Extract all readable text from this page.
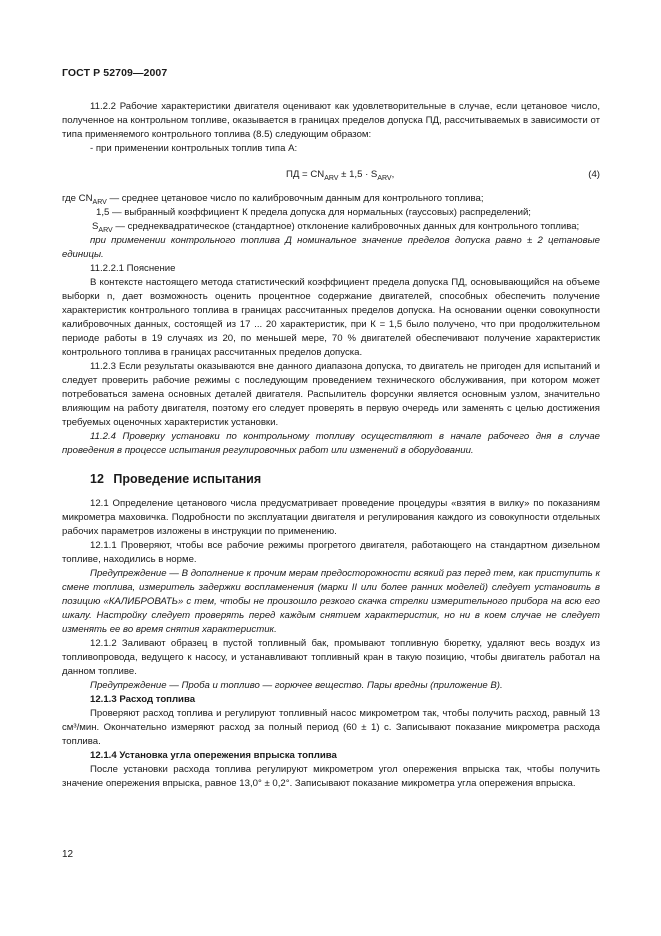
ГОСТ Р 52709—2007

11.2.2 Рабочие характеристики двигателя оценивают как удовлетворительные в случае, если цетановое число, полученное на контрольном топливе, оказывается в границах пределов допуска ПД, рассчитываемых в зависимости от типа применяемого контрольного топлива (8.5) следующим образом:

- при применении контрольных топлив типа А:

ПД = $CN_{ARV} \pm 1,5 \cdot S_{ARV}$,	(4)

где $CN_{ARV}$ — среднее цетановое число по калибровочным данным для контрольного топлива;

1,5 — выбранный коэффициент К предела допуска для нормальных (гауссовых) распределений;

$S_{ARV}$ — среднеквадратическое (стандартное) отклонение калибровочных данных для контрольного топлива;

при применении контрольного топлива Д номинальное значение пределов допуска равно ± 2 цетановые единицы.

11.2.2.1 Пояснение

В контексте настоящего метода статистический коэффициент предела допуска ПД, основывающийся на объеме выборки n, дает возможность оценить процентное содержание двигателей, способных обеспечить получение характеристик контрольного топлива в границах рассчитанных пределов допуска. На основании оценки совокупности калибровочных данных, состоящей из 17 ... 20 характеристик, при К = 1,5 было получено, что при продолжительном периоде работы в 19 случаях из 20, по меньшей мере, 70 % двигателей обеспечивают получение характеристик контрольного топлива в границах рассчитанных пределов допуска.

11.2.3 Если результаты оказываются вне данного диапазона допуска, то двигатель не пригоден для испытаний и следует проверить рабочие режимы с последующим проведением технического обслуживания, при котором может потребоваться замена основных деталей двигателя. Распылитель форсунки является основным узлом, значительно влияющим на работу двигателя, поэтому его следует проверять в первую очередь или заменять с целью достижения требуемых оценочных характеристик установки.

11.2.4 Проверку установки по контрольному топливу осуществляют в начале рабочего дня в случае проведения в процессе испытания регулировочных работ или изменений в оборудовании.

12 Проведение испытания

12.1 Определение цетанового числа предусматривает проведение процедуры «взятия в вилку» по показаниям микрометра маховичка. Подробности по эксплуатации двигателя и регулирования каждого из совокупности отдельных рабочих параметров изложены в инструкции по применению.

12.1.1 Проверяют, чтобы все рабочие режимы прогретого двигателя, работающего на стандартном дизельном топливе, находились в норме.

Предупреждение — В дополнение к прочим мерам предосторожности всякий раз перед тем, как приступить к смене топлива, измеритель задержки воспламенения (марки II или более ранних моделей) следует установить в позицию «КАЛИБРОВАТЬ» с тем, чтобы не произошло резкого скачка стрелки измерительного прибора на всю его шкалу. Настройку следует проверять перед каждым снятием характеристик, но ни в коем случае не следует изменять ее во время снятия характеристик.

12.1.2 Заливают образец в пустой топливный бак, промывают топливную бюретку, удаляют весь воздух из топливопровода, ведущего к насосу, и устанавливают топливный кран в такую позицию, чтобы двигатель работал на данном топливе.

Предупреждение — Проба и топливо — горючее вещество. Пары вредны (приложение В).

12.1.3 Расход топлива

Проверяют расход топлива и регулируют топливный насос микрометром так, чтобы получить расход, равный 13 см³/мин. Окончательно измеряют расход за полный период (60 ± 1) с. Записывают показание микрометра расхода топлива.

12.1.4 Установка угла опережения впрыска топлива

После установки расхода топлива регулируют микрометром угол опережения впрыска так, чтобы получить значение опережения впрыска, равное 13,0° ± 0,2°. Записывают показание микрометра угла опережения впрыска.

12
